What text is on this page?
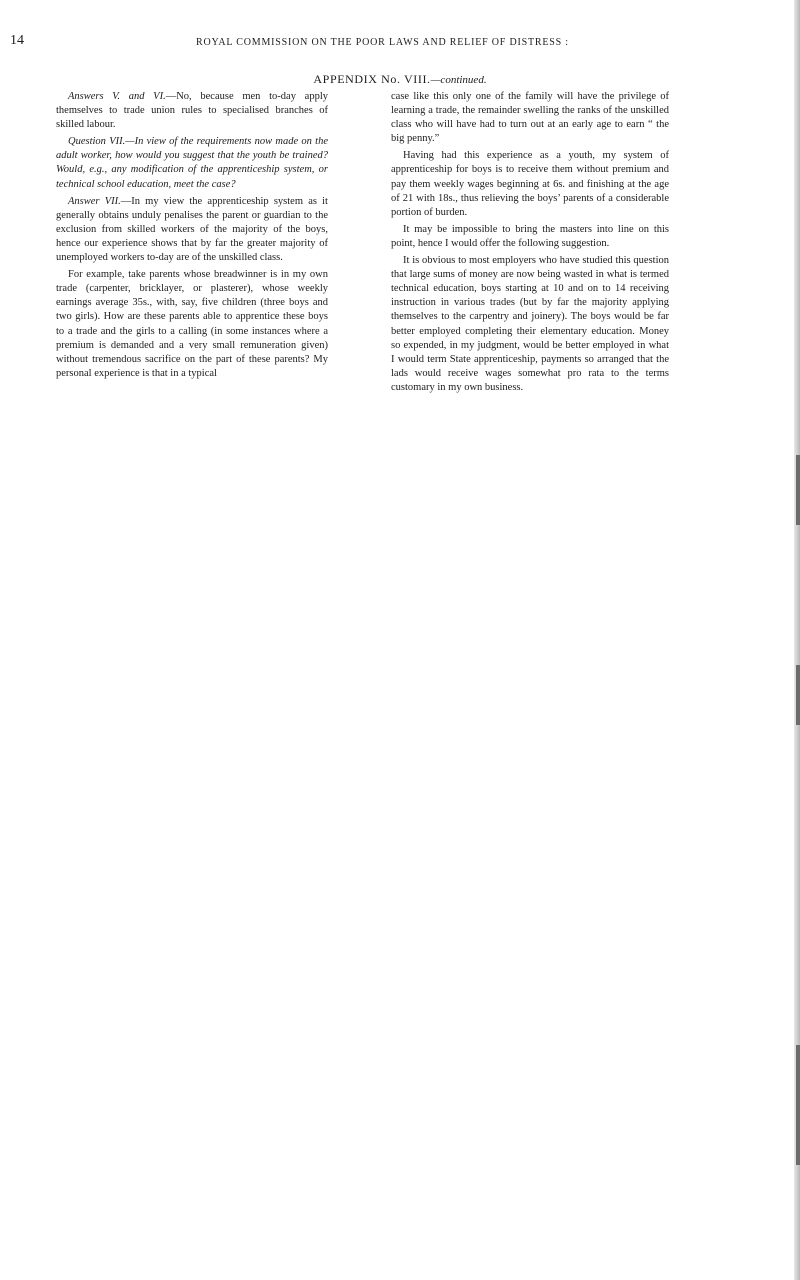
14	ROYAL COMMISSION ON THE POOR LAWS AND RELIEF OF DISTRESS :
APPENDIX No. VIII.—continued.

Answers V. and VI.—No, because men to-day apply themselves to trade union rules to specialised branches of skilled labour.

Question VII.—In view of the requirements now made on the adult worker, how would you suggest that the youth be trained? Would, e.g., any modification of the apprenticeship system, or technical school education, meet the case?

Answer VII.—In my view the apprenticeship system as it generally obtains unduly penalises the parent or guardian to the exclusion from skilled workers of the majority of the boys, hence our experience shows that by far the greater majority of unemployed workers to-day are of the unskilled class.

For example, take parents whose breadwinner is in my own trade (carpenter, bricklayer, or plasterer), whose weekly earnings average 35s., with, say, five children (three boys and two girls). How are these parents able to apprentice these boys to a trade and the girls to a calling (in some instances where a premium is demanded and a very small remuneration given) without tremendous sacrifice on the part of these parents? My personal experience is that in a typical

case like this only one of the family will have the privilege of learning a trade, the remainder swelling the ranks of the unskilled class who will have had to turn out at an early age to earn “ the big penny.”

Having had this experience as a youth, my system of apprenticeship for boys is to receive them without premium and pay them weekly wages beginning at 6s. and finishing at the age of 21 with 18s., thus relieving the boys’ parents of a considerable portion of burden.

It may be impossible to bring the masters into line on this point, hence I would offer the following suggestion.

It is obvious to most employers who have studied this question that large sums of money are now being wasted in what is termed technical education, boys starting at 10 and on to 14 receiving instruction in various trades (but by far the majority applying themselves to the carpentry and joinery). The boys would be far better employed completing their elementary education. Money so expended, in my judgment, would be better employed in what I would term State apprenticeship, payments so arranged that the lads would receive wages somewhat pro rata to the terms customary in my own business.
